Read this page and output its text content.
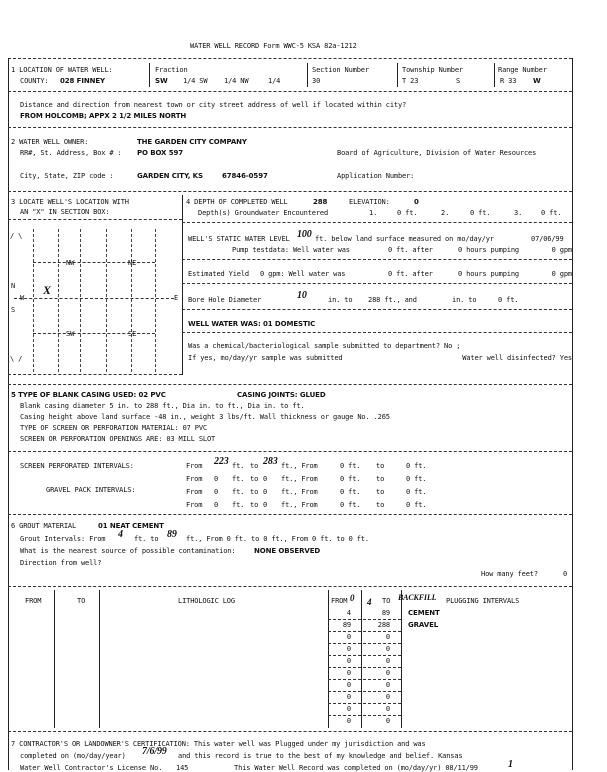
WATER WELL RECORD Form WWC-5 KSA 82a-1212
1 LOCATION OF WATER WELL:	Fraction	Section Number	Township Number	Range Number
COUNTY: 028 FINNEY	SW 1/4 SW 1/4 NW	1/4	30	T 23	S	R 33 W
Distance and direction from nearest town or city street address of well if located within city?
FROM HOLCOMB; APPX 2 1/2 MILES NORTH
2 WATER WELL OWNER:	THE GARDEN CITY COMPANY
RR#, St. Address, Box # : PO BOX 597	Board of Agriculture, Division of Water Resources
City, State, ZIP code :	GARDEN CITY, KS	67846-0597	Application Number:
3 LOCATE WELL'S LOCATION WITH
AN "X" IN SECTION BOX:
/ \
\ /
NW	NE
SW	SE
N
W	E
S
X
4 DEPTH OF COMPLETED WELL	288	ELEVATION:	0
Depth(s) Groundwater Encountered	1.	0 ft.	2.	0 ft.	3.	0 ft.
WELL'S STATIC WATER LEVEL 100 ft. below land surface measured on mo/day/yr	07/06/99
Pump testdata: Well water was	0 ft. after	0 hours pumping	0 gpm
Estimated Yield 0 gpm: Well water was	0 ft. after	0 hours pumping	0 gpm
Bore Hole Diameter	10	in. to 288 ft., and	in. to	0 ft.
WELL WATER WAS: 01 DOMESTIC
Was a chemical/bacteriological sample submitted to department? No ;
If yes, mo/day/yr sample was submitted	Water well disinfected? Yes
5 TYPE OF BLANK CASING USED: 02 PVC	CASING JOINTS: GLUED
Blank casing diameter 5 in. to 288 ft., Dia in. to ft., Dia in. to ft.
Casing height above land surface -48 in., weight 3 lbs/ft. Wall thickness or gauge No. .265
TYPE OF SCREEN OR PERFORATION MATERIAL: 07 PVC
SCREEN OR PERFORATION OPENINGS ARE: 03 MILL SLOT
SCREEN PERFORATED INTERVALS:
GRAVEL PACK INTERVALS:
From 223 ft. to 283 ft., From	0 ft. to	0 ft.
From 0 ft. to 0 ft., From	0 ft. to	0 ft.
From 0 ft. to 0 ft., From	0 ft. to	0 ft.
From 0 ft. to 0 ft., From	0 ft. to	0 ft.
6 GROUT MATERIAL	01 NEAT CEMENT
Grout Intervals: From 4 ft. to 89 ft., From 0 ft. to 0 ft., From 0 ft. to 0 ft.
What is the nearest source of possible contamination:	NONE OBSERVED
Direction from well?
How many feet?	0
FROM	TO	LITHOLOGIC LOG	FROM	TO	PLUGGING INTERVALS
0 4	BACKFILL
4	89	CEMENT
89	288	GRAVEL
0	0
0	0
0	0
0	0
0	0
0	0
0	0
0	0
7 CONTRACTOR'S OR LANDOWNER'S CERTIFICATION: This water well was Plugged under my jurisdiction and was
completed on (mo/day/year) 7/6/99 and this record is true to the best of my knowledge and belief. Kansas
Water Well Contractor's License No. 145	This Water Well Record was completed on (mo/day/yr) 08/11/99	1
